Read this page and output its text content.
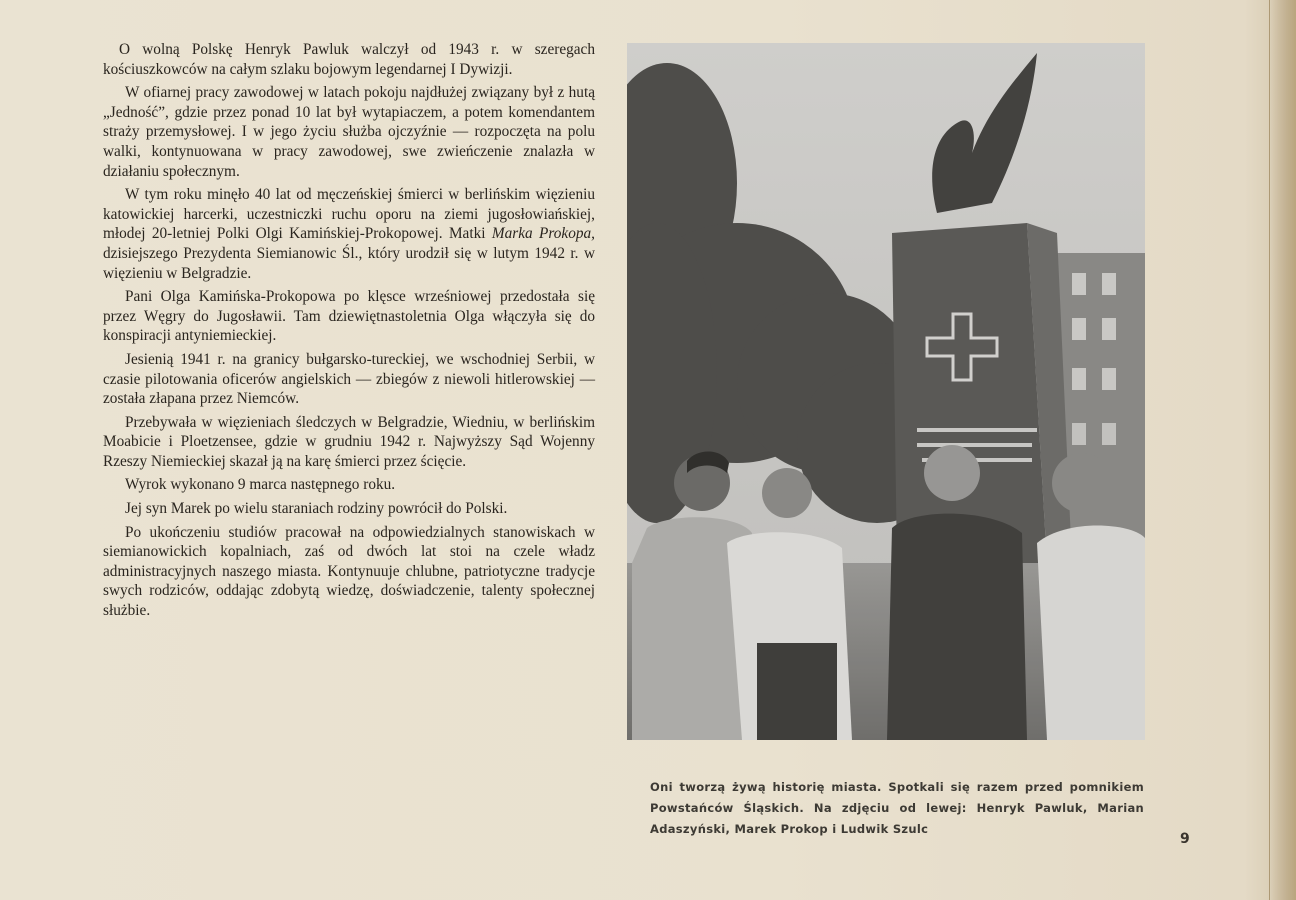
O wolną Polskę Henryk Pawluk walczył od 1943 r. w szeregach kościuszkowców na całym szlaku bojowym legendarnej I Dywizji.

W ofiarnej pracy zawodowej w latach pokoju najdłużej związany był z hutą „Jedność”, gdzie przez ponad 10 lat był wytapiaczem, a potem komendantem straży przemysłowej. I w jego życiu służba ojczyźnie — rozpoczęta na polu walki, kontynuowana w pracy zawodowej, swe zwieńczenie znalazła w działaniu społecznym.

W tym roku minęło 40 lat od męczeńskiej śmierci w berlińskim więzieniu katowickiej harcerki, uczestniczki ruchu oporu na ziemi jugosłowiańskiej, młodej 20-letniej Polki Olgi Kamińskiej-Prokopowej. Matki Marka Prokopa, dzisiejszego Prezydenta Siemianowic Śl., który urodził się w lutym 1942 r. w więzieniu w Belgradzie.

Pani Olga Kamińska-Prokopowa po klęsce wrześniowej przedostała się przez Węgry do Jugosławii. Tam dziewiętnastoletnia Olga włączyła się do konspiracji antyniemieckiej.

Jesienią 1941 r. na granicy bułgarsko-tureckiej, we wschodniej Serbii, w czasie pilotowania oficerów angielskich — zbiegów z niewoli hitlerowskiej — została złapana przez Niemców.

Przebywała w więzieniach śledczych w Belgradzie, Wiedniu, w berlińskim Moabicie i Ploetzensee, gdzie w grudniu 1942 r. Najwyższy Sąd Wojenny Rzeszy Niemieckiej skazał ją na karę śmierci przez ścięcie.

Wyrok wykonano 9 marca następnego roku.

Jej syn Marek po wielu staraniach rodziny powrócił do Polski.

Po ukończeniu studiów pracował na odpowiedzialnych stanowiskach w siemianowickich kopalniach, zaś od dwóch lat stoi na czele władz administracyjnych naszego miasta. Kontynuuje chlubne, patriotyczne tradycje swych rodziców, oddając zdobytą wiedzę, doświadczenie, talenty społecznej służbie.

Oni tworzą żywą historię miasta. Spotkali się razem przed pomnikiem Powstańców Śląskich. Na zdjęciu od lewej: Henryk Pawluk, Marian Adaszyński, Marek Prokop i Ludwik Szulc
9
